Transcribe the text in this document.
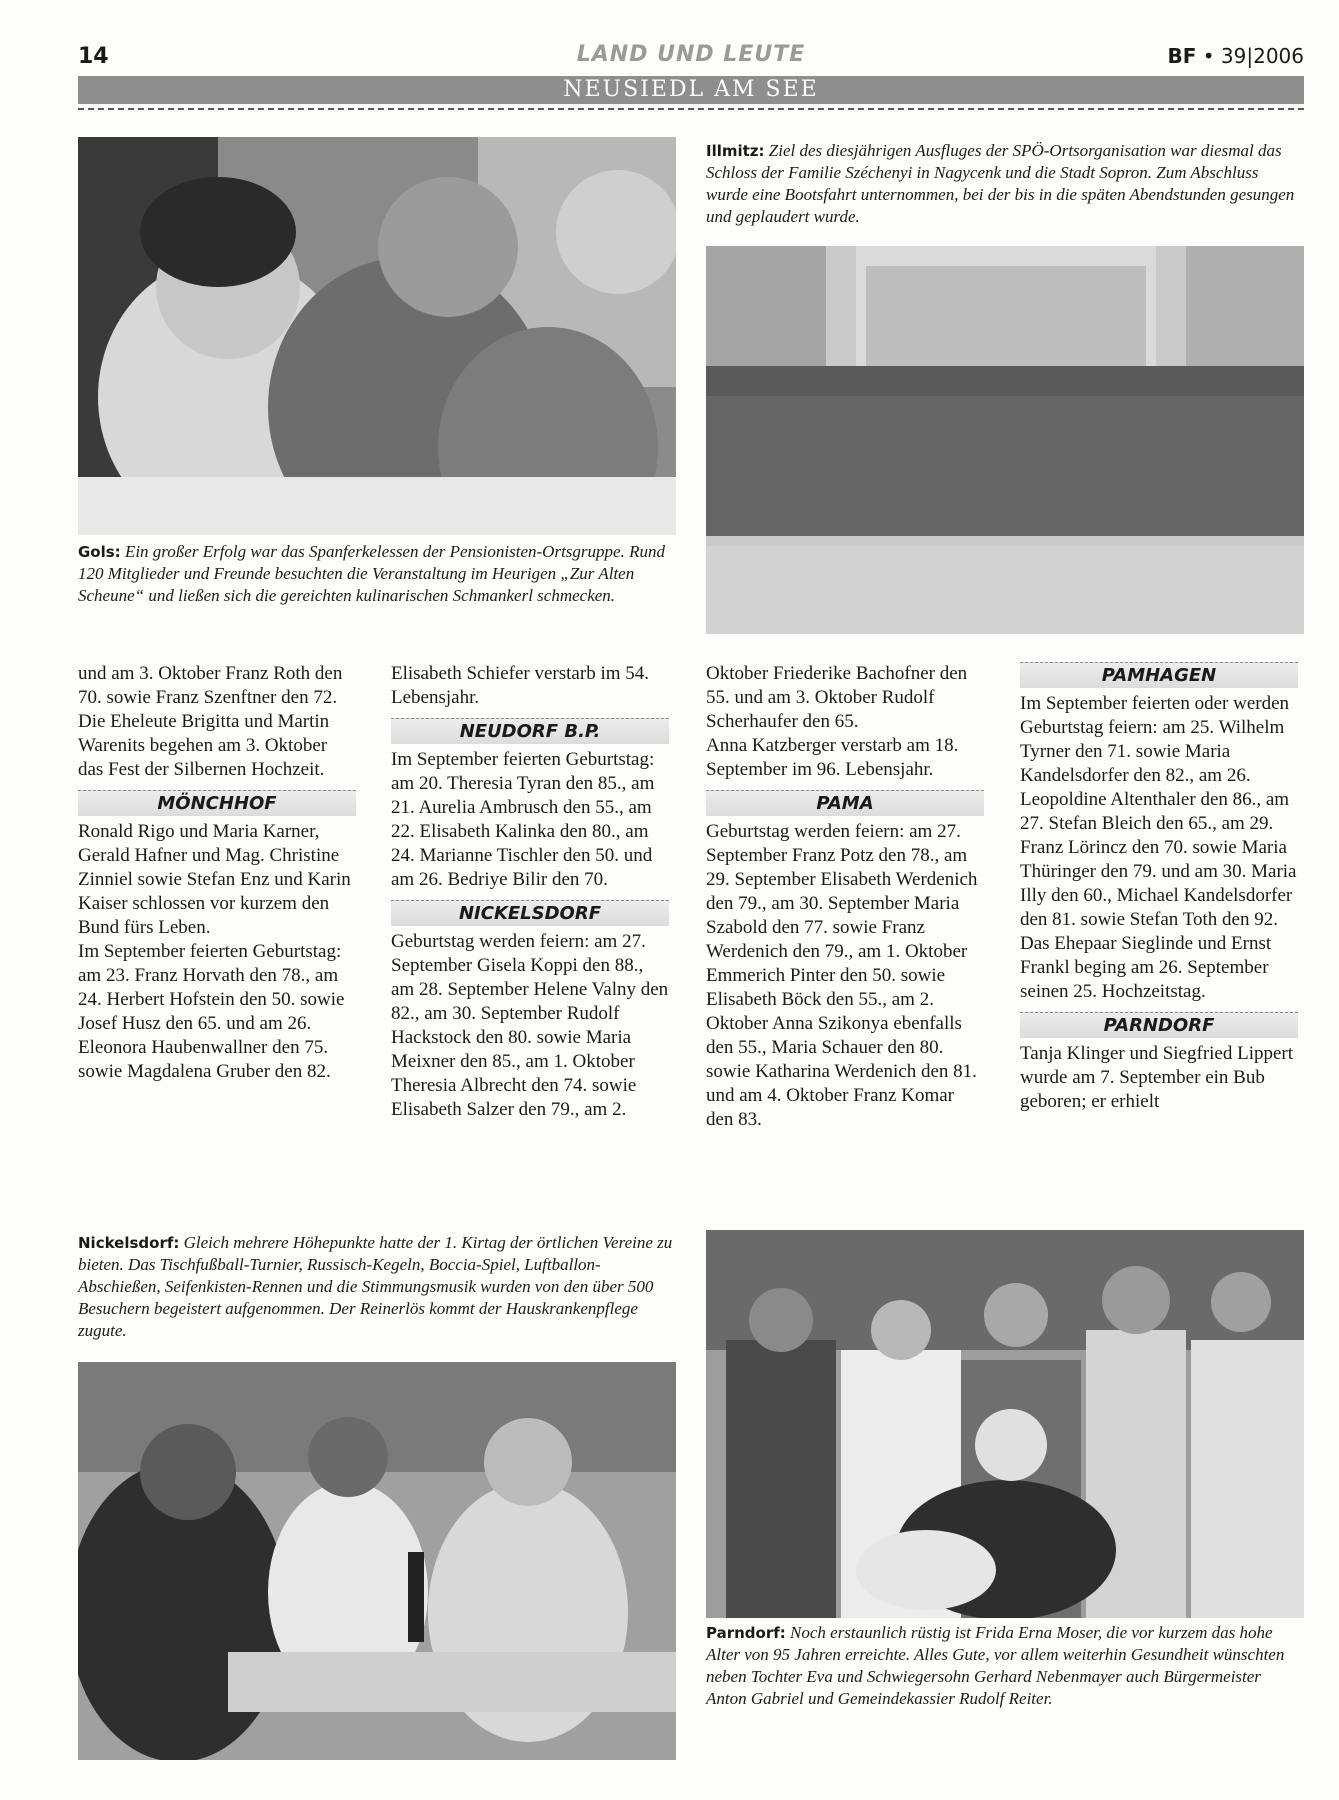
14	LAND UND LEUTE	BF • 39|2006
NEUSIEDL AM SEE
Gols: Ein großer Erfolg war das Spanferkelessen der Pensionisten-Ortsgruppe. Rund 120 Mitglieder und Freunde besuchten die Veranstaltung im Heurigen „Zur Alten Scheune“ und ließen sich die gereichten kulinarischen Schmankerl schmecken.
Illmitz: Ziel des diesjährigen Ausfluges der SPÖ-Ortsorganisation war diesmal das Schloss der Familie Széchenyi in Nagycenk und die Stadt Sopron. Zum Abschluss wurde eine Bootsfahrt unternommen, bei der bis in die späten Abendstunden gesungen und geplaudert wurde.

und am 3. Oktober Franz Roth den 70. sowie Franz Szenftner den 72.

Die Eheleute Brigitta und Martin Warenits begehen am 3. Oktober das Fest der Silbernen Hochzeit.

MÖNCHHOF

Ronald Rigo und Maria Karner, Gerald Hafner und Mag. Christine Zinniel sowie Stefan Enz und Karin Kaiser schlossen vor kurzem den Bund fürs Leben.

Im September feierten Geburtstag: am 23. Franz Horvath den 78., am 24. Herbert Hofstein den 50. sowie Josef Husz den 65. und am 26. Eleonora Haubenwallner den 75. sowie Magdalena Gruber den 82.

Elisabeth Schiefer verstarb im 54. Lebensjahr.

NEUDORF B.P.

Im September feierten Geburtstag: am 20. Theresia Tyran den 85., am 21. Aurelia Ambrusch den 55., am 22. Elisabeth Kalinka den 80., am 24. Marianne Tischler den 50. und am 26. Bedriye Bilir den 70.

NICKELSDORF

Geburtstag werden feiern: am 27. September Gisela Koppi den 88., am 28. September Helene Valny den 82., am 30. September Rudolf Hackstock den 80. sowie Maria Meixner den 85., am 1. Oktober Theresia Albrecht den 74. sowie Elisabeth Salzer den 79., am 2.

Oktober Friederike Bachofner den 55. und am 3. Oktober Rudolf Scherhaufer den 65.

Anna Katzberger verstarb am 18. September im 96. Lebensjahr.

PAMA

Geburtstag werden feiern: am 27. September Franz Potz den 78., am 29. September Elisabeth Werdenich den 79., am 30. September Maria Szabold den 77. sowie Franz Werdenich den 79., am 1. Oktober Emmerich Pinter den 50. sowie Elisabeth Böck den 55., am 2. Oktober Anna Szikonya ebenfalls den 55., Maria Schauer den 80. sowie Katharina Werdenich den 81. und am 4. Oktober Franz Komar den 83.

PAMHAGEN

Im September feierten oder werden Geburtstag feiern: am 25. Wilhelm Tyrner den 71. sowie Maria Kandelsdorfer den 82., am 26. Leopoldine Altenthaler den 86., am 27. Stefan Bleich den 65., am 29. Franz Lörincz den 70. sowie Maria Thüringer den 79. und am 30. Maria Illy den 60., Michael Kandelsdorfer den 81. sowie Stefan Toth den 92.

Das Ehepaar Sieglinde und Ernst Frankl beging am 26. September seinen 25. Hochzeitstag.

PARNDORF

Tanja Klinger und Siegfried Lippert wurde am 7. September ein Bub geboren; er erhielt

Nickelsdorf: Gleich mehrere Höhepunkte hatte der 1. Kirtag der örtlichen Vereine zu bieten. Das Tischfußball-Turnier, Russisch-Kegeln, Boccia-Spiel, Luftballon-Abschießen, Seifenkisten-Rennen und die Stimmungsmusik wurden von den über 500 Besuchern begeistert aufgenommen. Der Reinerlös kommt der Hauskrankenpflege zugute.
Parndorf: Noch erstaunlich rüstig ist Frida Erna Moser, die vor kurzem das hohe Alter von 95 Jahren erreichte. Alles Gute, vor allem weiterhin Gesundheit wünschten neben Tochter Eva und Schwiegersohn Gerhard Nebenmayer auch Bürgermeister Anton Gabriel und Gemeindekassier Rudolf Reiter.
